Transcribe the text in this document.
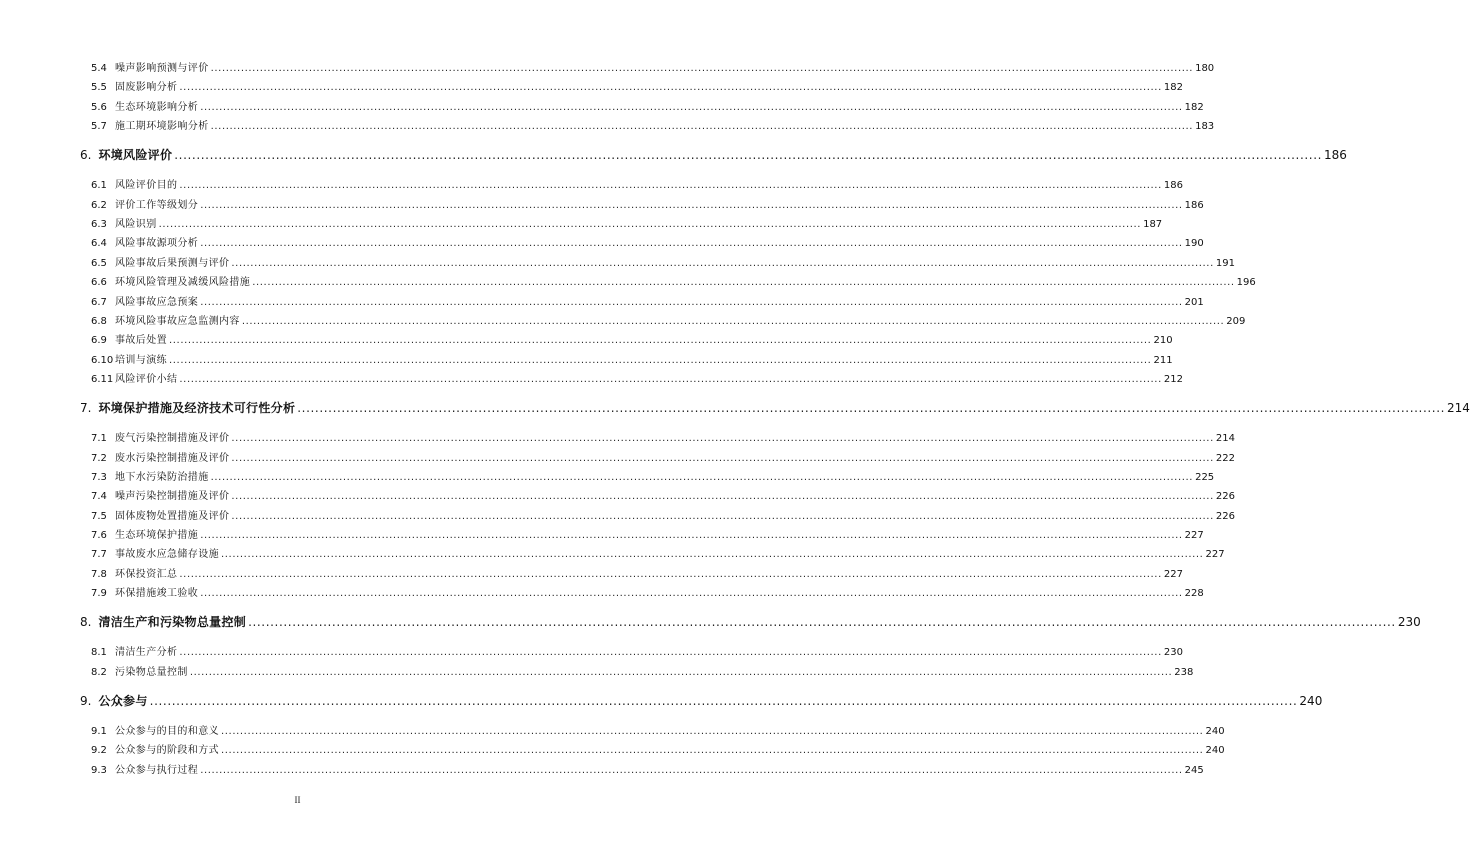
5.4 噪声影响预测与评价 .................................................................................................................................................................................................................................................................... 180
5.5 固废影响分析 .................................................................................................................................................................................................................................................................... 182
5.6 生态环境影响分析 .................................................................................................................................................................................................................................................................... 182
5.7 施工期环境影响分析 .................................................................................................................................................................................................................................................................... 183
6. 环境风险评价 .................................................................................................................................................................................................................................................................... 186
6.1 风险评价目的 .................................................................................................................................................................................................................................................................... 186
6.2 评价工作等级划分 .................................................................................................................................................................................................................................................................... 186
6.3 风险识别 .................................................................................................................................................................................................................................................................... 187
6.4 风险事故源项分析 .................................................................................................................................................................................................................................................................... 190
6.5 风险事故后果预测与评价 .................................................................................................................................................................................................................................................................... 191
6.6 环境风险管理及减缓风险措施 .................................................................................................................................................................................................................................................................... 196
6.7 风险事故应急预案 .................................................................................................................................................................................................................................................................... 201
6.8 环境风险事故应急监测内容 .................................................................................................................................................................................................................................................................... 209
6.9 事故后处置 .................................................................................................................................................................................................................................................................... 210
6.10 培训与演练 .................................................................................................................................................................................................................................................................... 211
6.11 风险评价小结 .................................................................................................................................................................................................................................................................... 212
7. 环境保护措施及经济技术可行性分析 .................................................................................................................................................................................................................................................................... 214
7.1 废气污染控制措施及评价 .................................................................................................................................................................................................................................................................... 214
7.2 废水污染控制措施及评价 .................................................................................................................................................................................................................................................................... 222
7.3 地下水污染防治措施 .................................................................................................................................................................................................................................................................... 225
7.4 噪声污染控制措施及评价 .................................................................................................................................................................................................................................................................... 226
7.5 固体废物处置措施及评价 .................................................................................................................................................................................................................................................................... 226
7.6 生态环境保护措施 .................................................................................................................................................................................................................................................................... 227
7.7 事故废水应急储存设施 .................................................................................................................................................................................................................................................................... 227
7.8 环保投资汇总 .................................................................................................................................................................................................................................................................... 227
7.9 环保措施竣工验收 .................................................................................................................................................................................................................................................................... 228
8. 清洁生产和污染物总量控制 .................................................................................................................................................................................................................................................................... 230
8.1 清洁生产分析 .................................................................................................................................................................................................................................................................... 230
8.2 污染物总量控制 .................................................................................................................................................................................................................................................................... 238
9. 公众参与 .................................................................................................................................................................................................................................................................... 240
9.1 公众参与的目的和意义 .................................................................................................................................................................................................................................................................... 240
9.2 公众参与的阶段和方式 .................................................................................................................................................................................................................................................................... 240
9.3 公众参与执行过程 .................................................................................................................................................................................................................................................................... 245
II
